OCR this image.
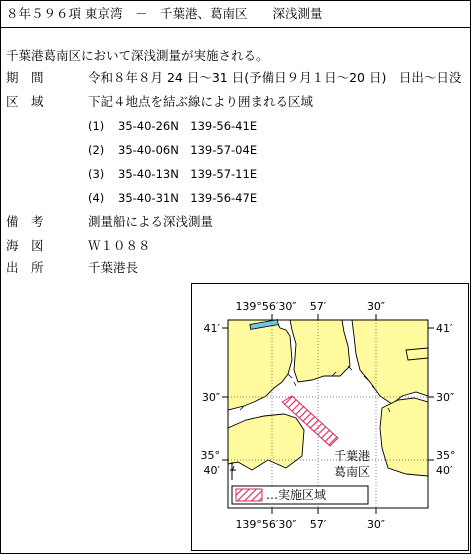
８年５９６項 東京湾　－　千葉港、葛南区　　深浅測量
千葉港葛南区において深浅測量が実施される。
期　間	令和８年８月 24 日～31 日(予備日９月１日～20 日)　日出～日没
区　域	下記４地点を結ぶ線により囲まれる区域
(1) 35-40-26N　139-56-41E
(2) 35-40-06N　139-57-04E
(3) 35-40-13N　139-57-11E
(4) 35-40-31N　139-56-47E
備　考	測量船による深浅測量
海　図	Ｗ１０８８
出　所	千葉港長
139°56′30″ 57′	30″
139°56′30″ 57′	30″
41′
30″
35°
40′
41′
30″
35°
40′
千葉港
葛南区
…実施区域
